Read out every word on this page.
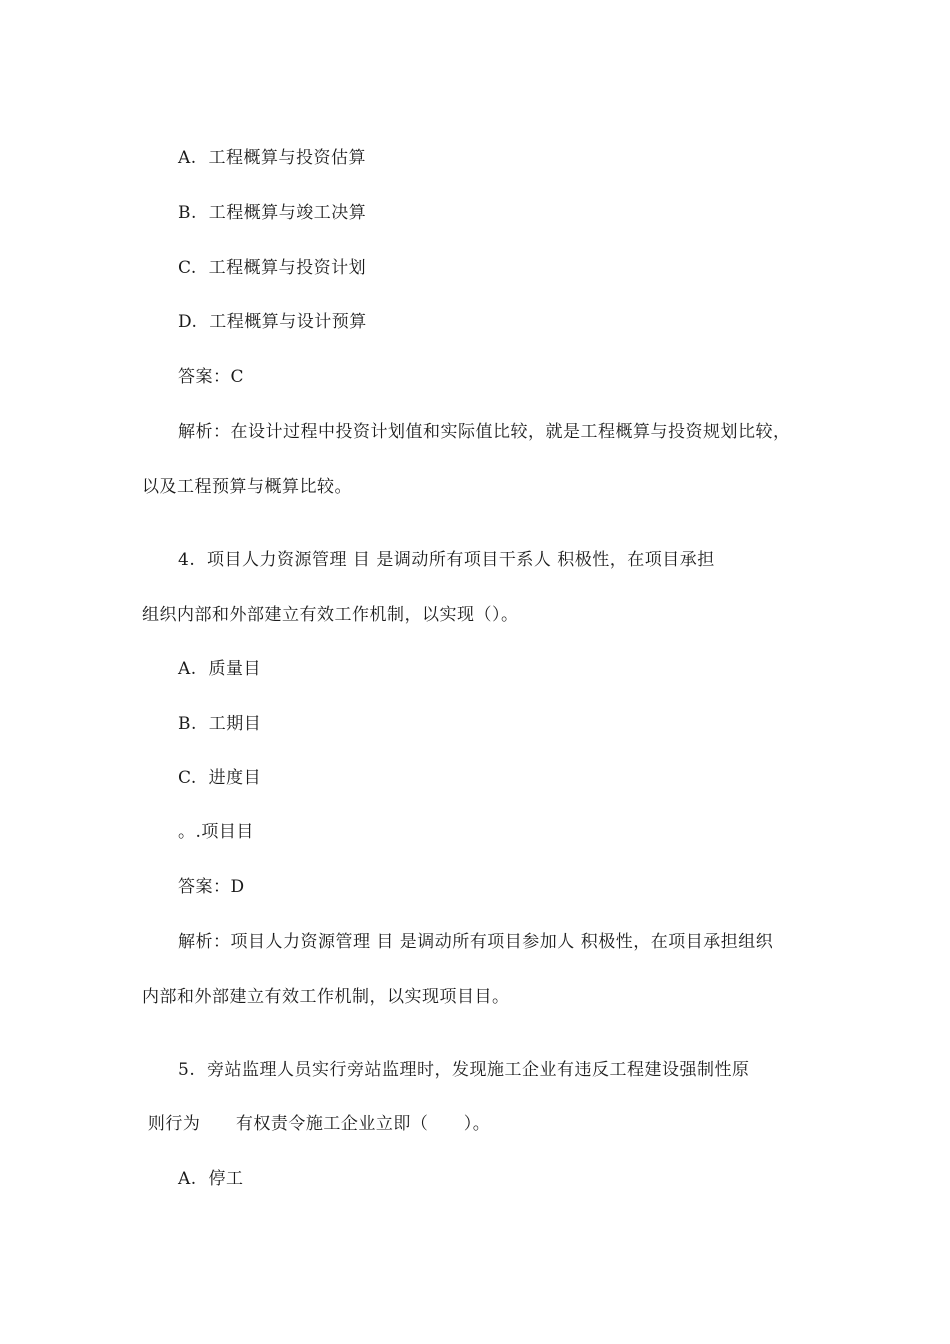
A.  工程概算与投资估算
B.  工程概算与竣工决算
C.  工程概算与投资计划
D.  工程概算与设计预算
答案：C
解析：在设计过程中投资计划值和实际值比较，就是工程概算与投资规划比较，
以及工程预算与概算比较。
4.  项目人力资源管理 目 是调动所有项目干系人 积极性，在项目承担
组织内部和外部建立有效工作机制，以实现（）。
A.  质量目
B.  工期目
C.  进度目
。.项目目
答案：D
解析：项目人力资源管理 目 是调动所有项目参加人 积极性，在项目承担组织
内部和外部建立有效工作机制，以实现项目目。
5.  旁站监理人员实行旁站监理时，发现施工企业有违反工程建设强制性原
则行为      有权责令施工企业立即（      ）。
A.  停工
